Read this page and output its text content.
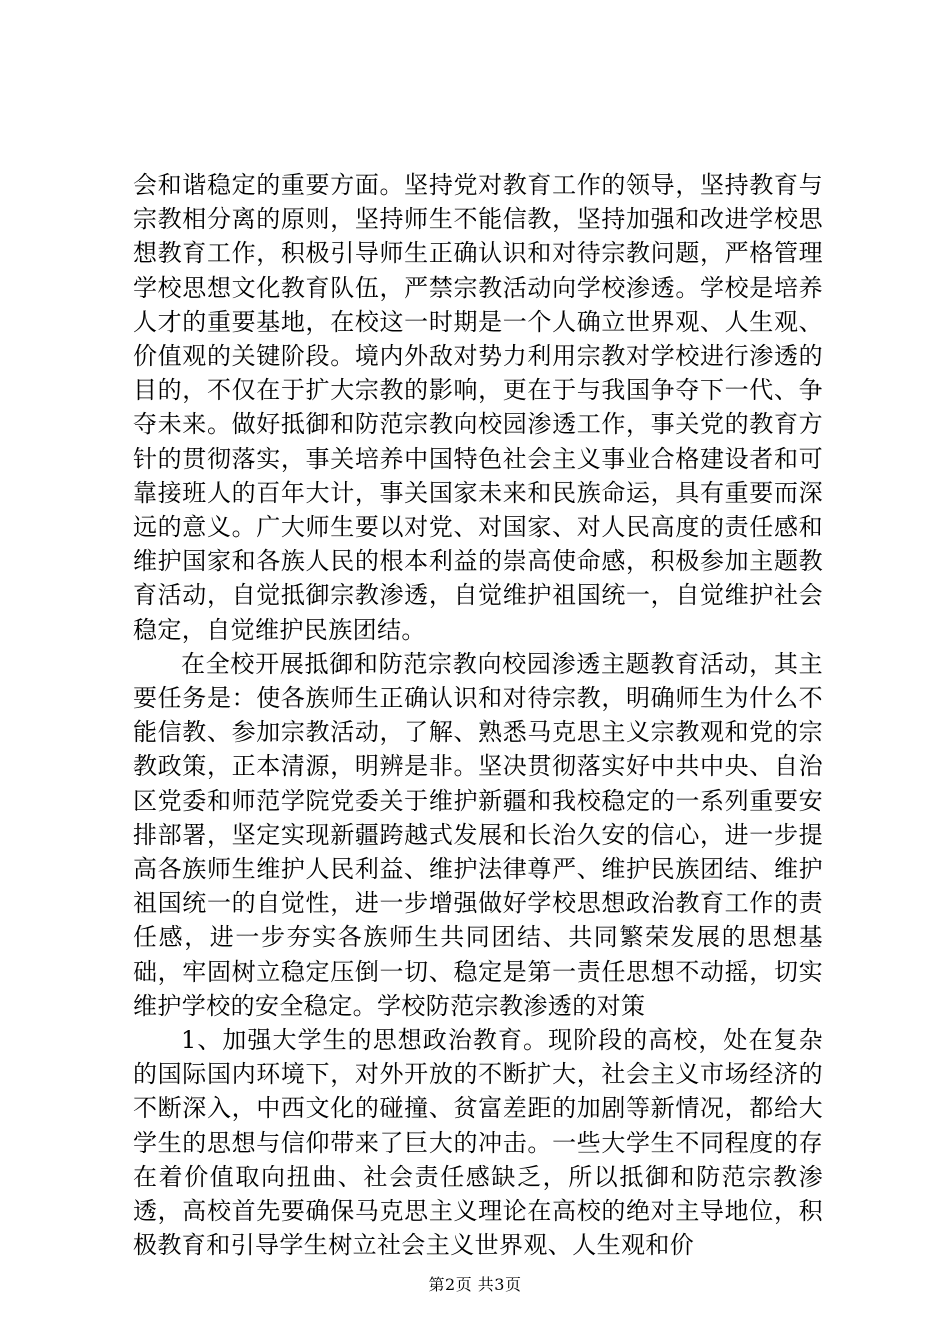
会和谐稳定的重要方面。坚持党对教育工作的领导，坚持教育与宗教相分离的原则，坚持师生不能信教，坚持加强和改进学校思想教育工作，积极引导师生正确认识和对待宗教问题，严格管理学校思想文化教育队伍，严禁宗教活动向学校渗透。学校是培养人才的重要基地，在校这一时期是一个人确立世界观、人生观、价值观的关键阶段。境内外敌对势力利用宗教对学校进行渗透的目的，不仅在于扩大宗教的影响，更在于与我国争夺下一代、争夺未来。做好抵御和防范宗教向校园渗透工作，事关党的教育方针的贯彻落实，事关培养中国特色社会主义事业合格建设者和可靠接班人的百年大计，事关国家未来和民族命运，具有重要而深远的意义。广大师生要以对党、对国家、对人民高度的责任感和维护国家和各族人民的根本利益的崇高使命感，积极参加主题教育活动，自觉抵御宗教渗透，自觉维护祖国统一，自觉维护社会稳定，自觉维护民族团结。

在全校开展抵御和防范宗教向校园渗透主题教育活动，其主要任务是：使各族师生正确认识和对待宗教，明确师生为什么不能信教、参加宗教活动，了解、熟悉马克思主义宗教观和党的宗教政策，正本清源，明辨是非。坚决贯彻落实好中共中央、自治区党委和师范学院党委关于维护新疆和我校稳定的一系列重要安排部署，坚定实现新疆跨越式发展和长治久安的信心，进一步提高各族师生维护人民利益、维护法律尊严、维护民族团结、维护祖国统一的自觉性，进一步增强做好学校思想政治教育工作的责任感，进一步夯实各族师生共同团结、共同繁荣发展的思想基础，牢固树立稳定压倒一切、稳定是第一责任思想不动摇，切实维护学校的安全稳定。学校防范宗教渗透的对策

1、加强大学生的思想政治教育。现阶段的高校，处在复杂的国际国内环境下，对外开放的不断扩大，社会主义市场经济的不断深入，中西文化的碰撞、贫富差距的加剧等新情况，都给大学生的思想与信仰带来了巨大的冲击。一些大学生不同程度的存在着价值取向扭曲、社会责任感缺乏，所以抵御和防范宗教渗透，高校首先要确保马克思主义理论在高校的绝对主导地位，积极教育和引导学生树立社会主义世界观、人生观和价

第2页 共3页
